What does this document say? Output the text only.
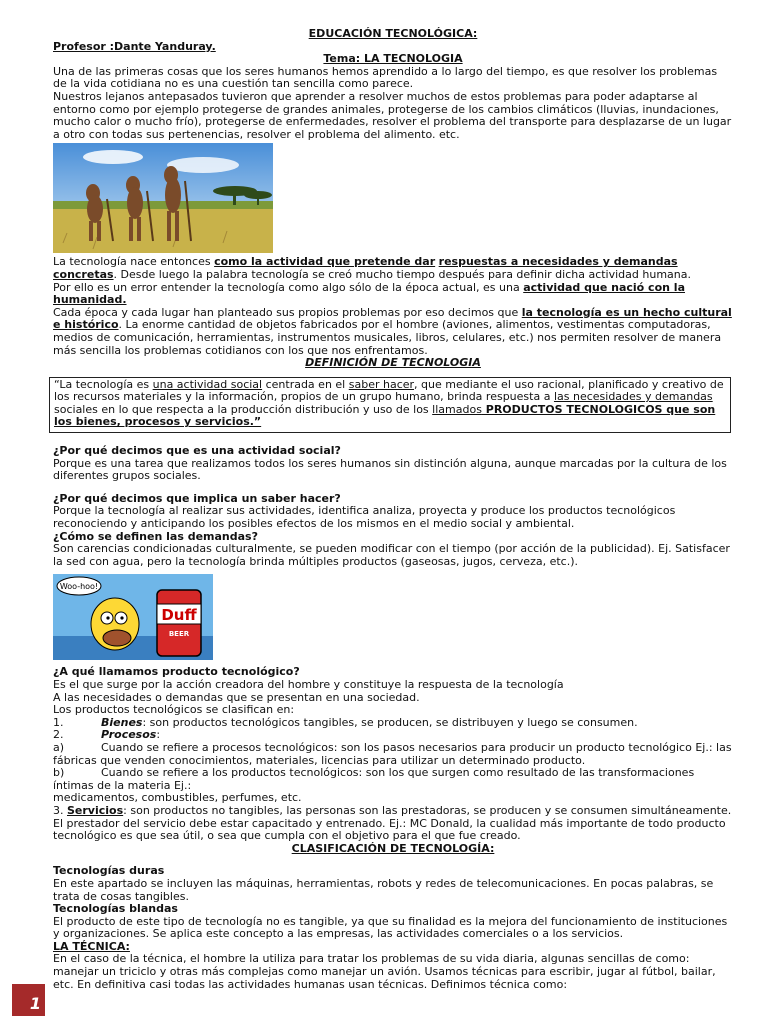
EDUCACIÓN TECNOLÓGICA:

Profesor :Dante Yanduray.

Tema: LA TECNOLOGIA

Una de las primeras cosas que los seres humanos hemos aprendido a lo largo del tiempo, es que resolver los problemas de la vida cotidiana no es una cuestión tan sencilla como parece.

Nuestros lejanos antepasados tuvieron que aprender a resolver muchos de estos problemas para poder adaptarse al entorno como por ejemplo protegerse de grandes animales, protegerse de los cambios climáticos (lluvias, inundaciones, mucho calor o mucho frío), protegerse de enfermedades, resolver el problema del transporte para desplazarse de un lugar a otro con todas sus pertenencias, resolver el problema del alimento. etc.

La tecnología nace entonces como la actividad que pretende dar respuestas a necesidades y demandas concretas. Desde luego la palabra tecnología se creó mucho tiempo después para definir dicha actividad humana.

Por ello es un error entender la tecnología como algo sólo de la época actual, es una actividad que nació con la humanidad.

Cada época y cada lugar han planteado sus propios problemas por eso decimos que la tecnología es un hecho cultural e histórico. La enorme cantidad de objetos fabricados por el hombre (aviones, alimentos, vestimentas computadoras, medios de comunicación, herramientas, instrumentos musicales, libros, celulares, etc.) nos permiten resolver de manera más sencilla los problemas cotidianos con los que nos enfrentamos.

DEFINICIÓN DE TECNOLOGIA

“La tecnología es una actividad social centrada en el saber hacer, que mediante el uso racional, planificado y creativo de los recursos materiales y la información, propios de un grupo humano, brinda respuesta a las necesidades y demandas sociales en lo que respecta a la producción distribución y uso de los llamados PRODUCTOS TECNOLOGICOS que son los bienes, procesos y servicios.”

¿Por qué decimos que es una actividad social?

Porque es una tarea que realizamos todos los seres humanos sin distinción alguna, aunque marcadas por la cultura de los diferentes grupos sociales.

¿Por qué decimos que implica un saber hacer?

Porque la tecnología al realizar sus actividades, identifica analiza, proyecta y produce los productos tecnológicos reconociendo y anticipando los posibles efectos de los mismos en el medio social y ambiental.

¿Cómo se definen las demandas?

Son carencias condicionadas culturalmente, se pueden modificar con el tiempo (por acción de la publicidad). Ej. Satisfacer la sed con agua, pero la tecnología brinda múltiples productos (gaseosas, jugos, cerveza, etc.).

Woo-hoo!
Duff
BEER

¿A qué llamamos producto tecnológico?

Es el que surge por la acción creadora del hombre y constituye la respuesta de la tecnología

A las necesidades o demandas que se presentan en una sociedad.

Los productos tecnológicos se clasifican en:

1.	Bienes: son productos tecnológicos tangibles, se producen, se distribuyen y luego se consumen.
2.	Procesos:

a)	Cuando se refiere a procesos tecnológicos: son los pasos necesarios para producir un producto tecnológico Ej.: las fábricas que venden conocimientos, materiales, licencias para utilizar un determinado producto.

b)	Cuando se refiere a los productos tecnológicos: son los que surgen como resultado de las transformaciones íntimas de la materia Ej.:

medicamentos, combustibles, perfumes, etc.

3. Servicios: son productos no tangibles, las personas son las prestadoras, se producen y se consumen simultáneamente. El prestador del servicio debe estar capacitado y entrenado. Ej.: MC Donald, la cualidad más importante de todo producto tecnológico es que sea útil, o sea que cumpla con el objetivo para el que fue creado.

CLASIFICACIÓN DE TECNOLOGÍA:

Tecnologías duras

En este apartado se incluyen las máquinas, herramientas, robots y redes de telecomunicaciones. En pocas palabras, se trata de cosas tangibles.

Tecnologías blandas

El producto de este tipo de tecnología no es tangible, ya que su finalidad es la mejora del funcionamiento de instituciones y organizaciones. Se aplica este concepto a las empresas, las actividades comerciales o a los servicios.

LA TÉCNICA:

En el caso de la técnica, el hombre la utiliza para tratar los problemas de su vida diaria, algunas sencillas de como: manejar un triciclo y otras más complejas como manejar un avión. Usamos técnicas para escribir, jugar al fútbol, bailar, etc. En definitiva casi todas las actividades humanas usan técnicas. Definimos técnica como:

1
